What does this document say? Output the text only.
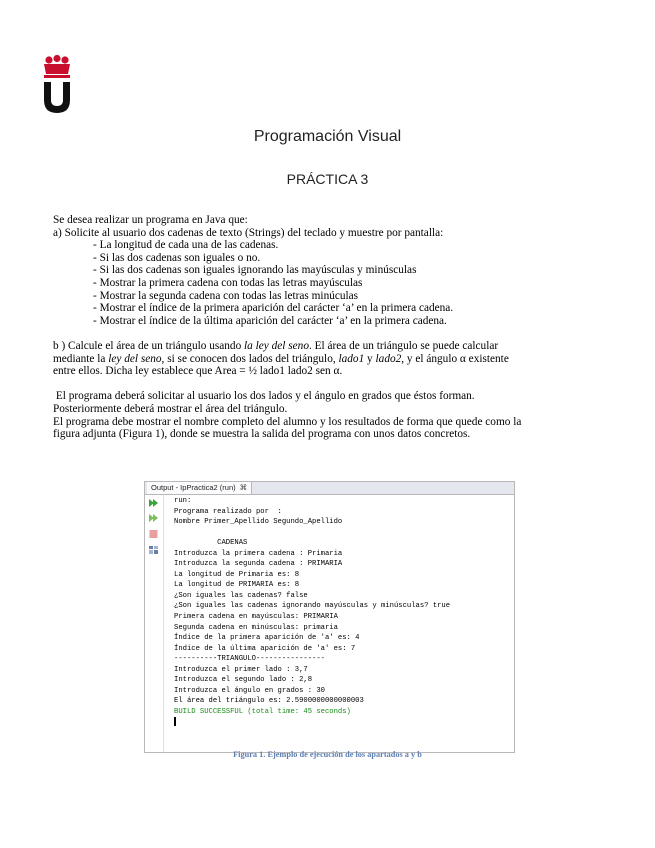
Programación Visual
PRÁCTICA 3

Se desea realizar un programa en Java que:

a) Solicite al usuario dos cadenas de texto (Strings) del teclado y muestre por pantalla:

- La longitud de cada una de las cadenas.

- Si las dos cadenas son iguales o no.

- Si las dos cadenas son iguales ignorando las mayúsculas y minúsculas

- Mostrar la primera cadena con todas las letras mayúsculas

- Mostrar la segunda cadena con todas las letras minúculas

- Mostrar el índice de la primera aparición del carácter ‘a’ en la primera cadena.

- Mostrar el índice de la última aparición del carácter ‘a’ en la primera cadena.

b ) Calcule el área de un triángulo usando la ley del seno. El área de un triángulo se puede calcular

mediante la ley del seno, si se conocen dos lados del triángulo, lado1 y lado2, y el ángulo α existente

entre ellos. Dicha ley establece que Area = ½ lado1 lado2 sen α.

El programa deberá solicitar al usuario los dos lados y el ángulo en grados que éstos forman.

Posteriormente deberá mostrar el área del triángulo.

El programa debe mostrar el nombre completo del alumno y los resultados de forma que quede como la

figura adjunta (Figura 1), donde se muestra la salida del programa con unos datos concretos.

Output - IpPractica2 (run) ⌘
run:
Programa realizado por  :
Nombre Primer_Apellido Segundo_Apellido
CADENAS
Introduzca la primera cadena : Primaria
Introduzca la segunda cadena : PRIMARIA
La longitud de Primaria es: 8
La longitud de PRIMARIA es: 8
¿Son iguales las cadenas? false
¿Son iguales las cadenas ignorando mayúsculas y minúsculas? true
Primera cadena en mayúsculas: PRIMARIA
Segunda cadena en minúsculas: primaria
Índice de la primera aparición de 'a' es: 4
Índice de la última aparición de 'a' es: 7
----------TRIANGULO----------------
Introduzca el primer lado : 3,7
Introduzca el segundo lado : 2,8
Introduzca el ángulo en grados : 30
El área del triángulo es: 2.5900000000000003
BUILD SUCCESSFUL (total time: 45 seconds)
Figura 1. Ejemplo de ejecución de los apartados a y b
